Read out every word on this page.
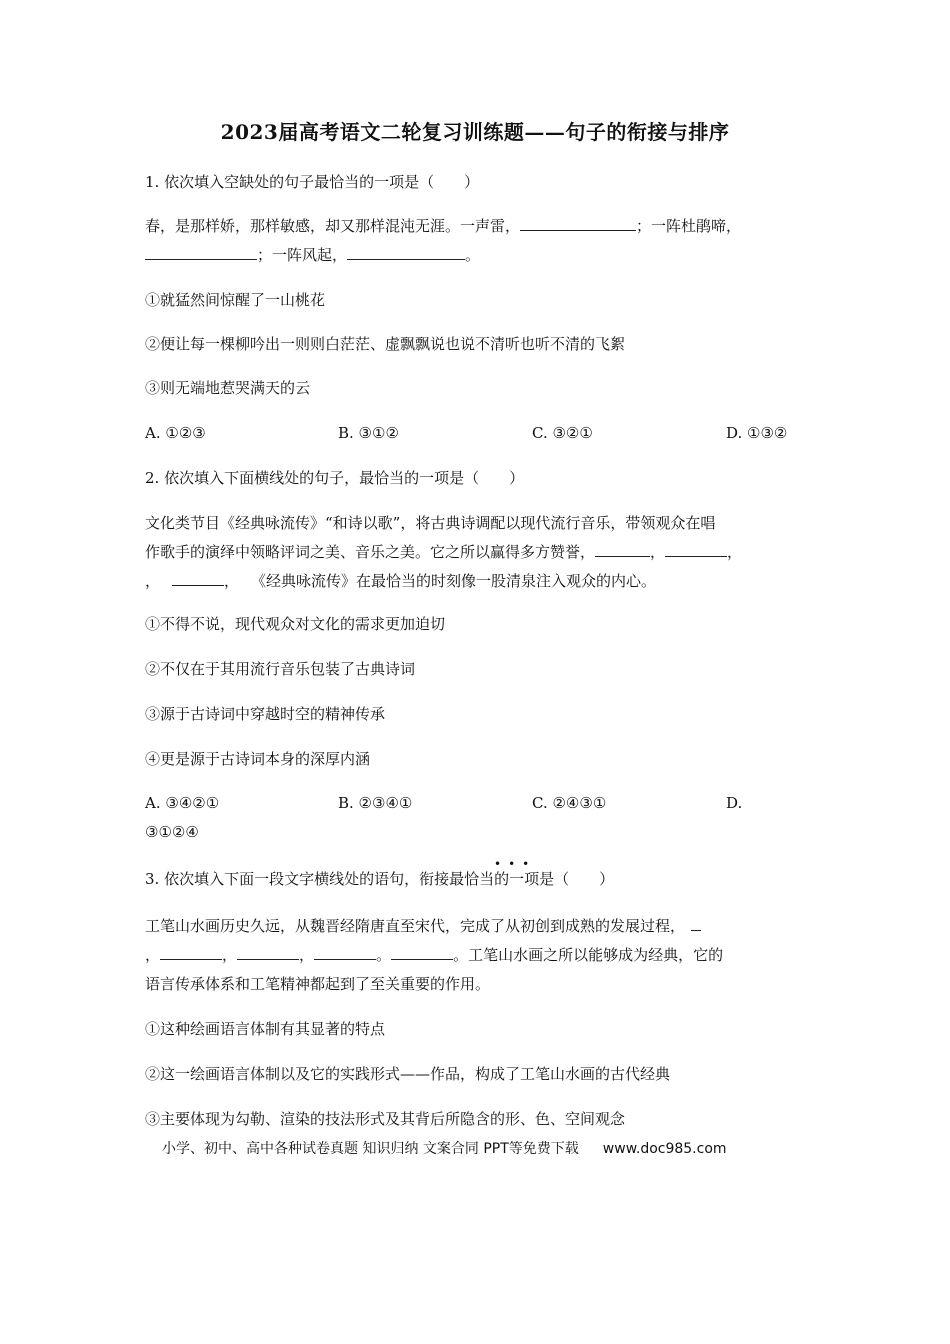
2023届高考语文二轮复习训练题——句子的衔接与排序
1. 依次填入空缺处的句子最恰当的一项是（　　）
春，是那样娇，那样敏感，却又那样混沌无涯。一声雷，	；一阵杜鹃啼，
；一阵风起，	。
①就猛然间惊醒了一山桃花
②便让每一棵柳吟出一则则白茫茫、虚飘飘说也说不清听也听不清的飞絮
③则无端地惹哭满天的云
A. ①②③	B. ③①②	C. ③②①	D. ①③②
2. 依次填入下面横线处的句子，最恰当的一项是（　　）
文化类节目《经典咏流传》“和诗以歌”，将古典诗调配以现代流行音乐，带领观众在唱
作歌手的演绎中领略评词之美、音乐之美。它之所以赢得多方赞誉，	，	，
，	， 《经典咏流传》在最恰当的时刻像一股清泉注入观众的内心。
①不得不说，现代观众对文化的需求更加迫切
②不仅在于其用流行音乐包装了古典诗词
③源于古诗词中穿越时空的精神传承
④更是源于古诗词本身的深厚内涵
A. ③④②①	B. ②③④①	C. ②④③①	D.
③①②④
•••
3. 依次填入下面一段文字横线处的语句，衔接最恰当的一项是（　　）
工笔山水画历史久远，从魏晋经隋唐直至宋代，完成了从初创到成熟的发展过程，
，	，	，	。	。工笔山水画之所以能够成为经典，它的
语言传承体系和工笔精神都起到了至关重要的作用。
①这种绘画语言体制有其显著的特点
②这一绘画语言体制以及它的实践形式——作品，构成了工笔山水画的古代经典
③主要体现为勾勒、渲染的技法形式及其背后所隐含的形、色、空间观念
小学、初中、高中各种试卷真题 知识归纳 文案合同 PPT等免费下载 www.doc985.com
